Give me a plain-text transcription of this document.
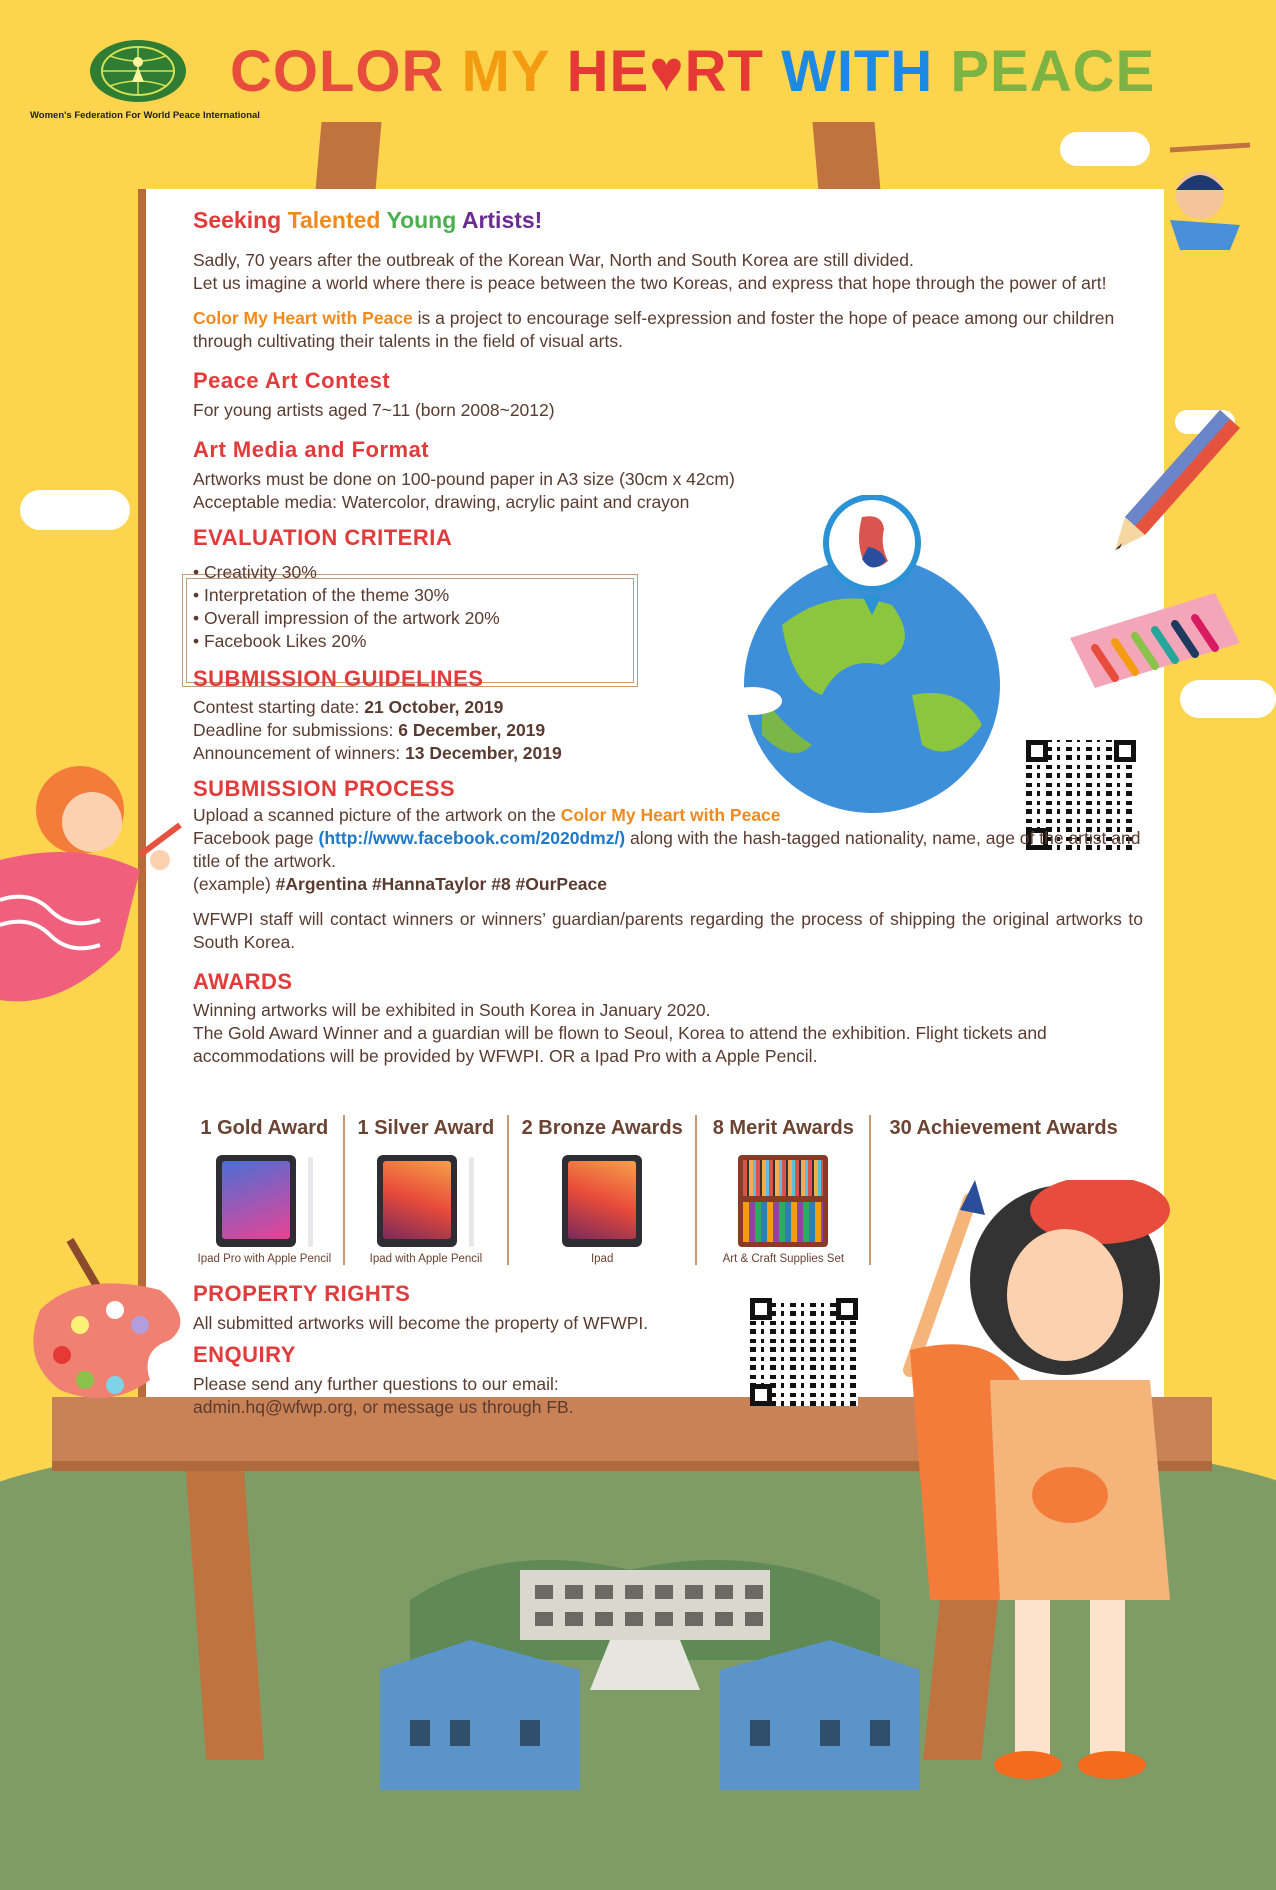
Women's Federation For World Peace International
COLOR MY HE♥RT WITH PEACE
Seeking Talented Young Artists!

Sadly, 70 years after the outbreak of the Korean War, North and South Korea are still divided.

Let us imagine a world where there is peace between the two Koreas, and express that hope through the power of art!

Color My Heart with Peace is a project to encourage self-expression and foster the hope of peace among our children through cultivating their talents in the field of visual arts.

Peace Art Contest

For young artists aged 7~11 (born 2008~2012)

Art Media and Format

Artworks must be done on 100-pound paper in A3 size (30cm x 42cm)

Acceptable media: Watercolor, drawing, acrylic paint and crayon

EVALUATION CRITERIA

• Creativity 30%

• Interpretation of the theme 30%

• Overall impression of the artwork 20%

• Facebook Likes 20%

SUBMISSION GUIDELINES

Contest starting date: 21 October, 2019

Deadline for submissions: 6 December, 2019

Announcement of winners: 13 December, 2019

SUBMISSION PROCESS

Upload a scanned picture of the artwork on the Color My Heart with Peace

Facebook page (http://www.facebook.com/2020dmz/) along with the hash-tagged nationality, name, age of the artist and title of the artwork.

(example) #Argentina #HannaTaylor #8 #OurPeace

WFWPI staff will contact winners or winners’ guardian/parents regarding the process of shipping the original artworks to South Korea.

AWARDS

Winning artworks will be exhibited in South Korea in January 2020.

The Gold Award Winner and a guardian will be flown to Seoul, Korea to attend the exhibition. Flight tickets and accommodations will be provided by WFWPI. OR a Ipad Pro with a Apple Pencil.

1 Gold Award
Ipad Pro with Apple Pencil
1 Silver Award
Ipad with Apple Pencil
2 Bronze Awards
Ipad
8 Merit Awards
Art & Craft Supplies Set
30 Achievement Awards
PROPERTY RIGHTS

All submitted artworks will become the property of WFWPI.

ENQUIRY

Please send any further questions to our email:

admin.hq@wfwp.org, or message us through FB.
